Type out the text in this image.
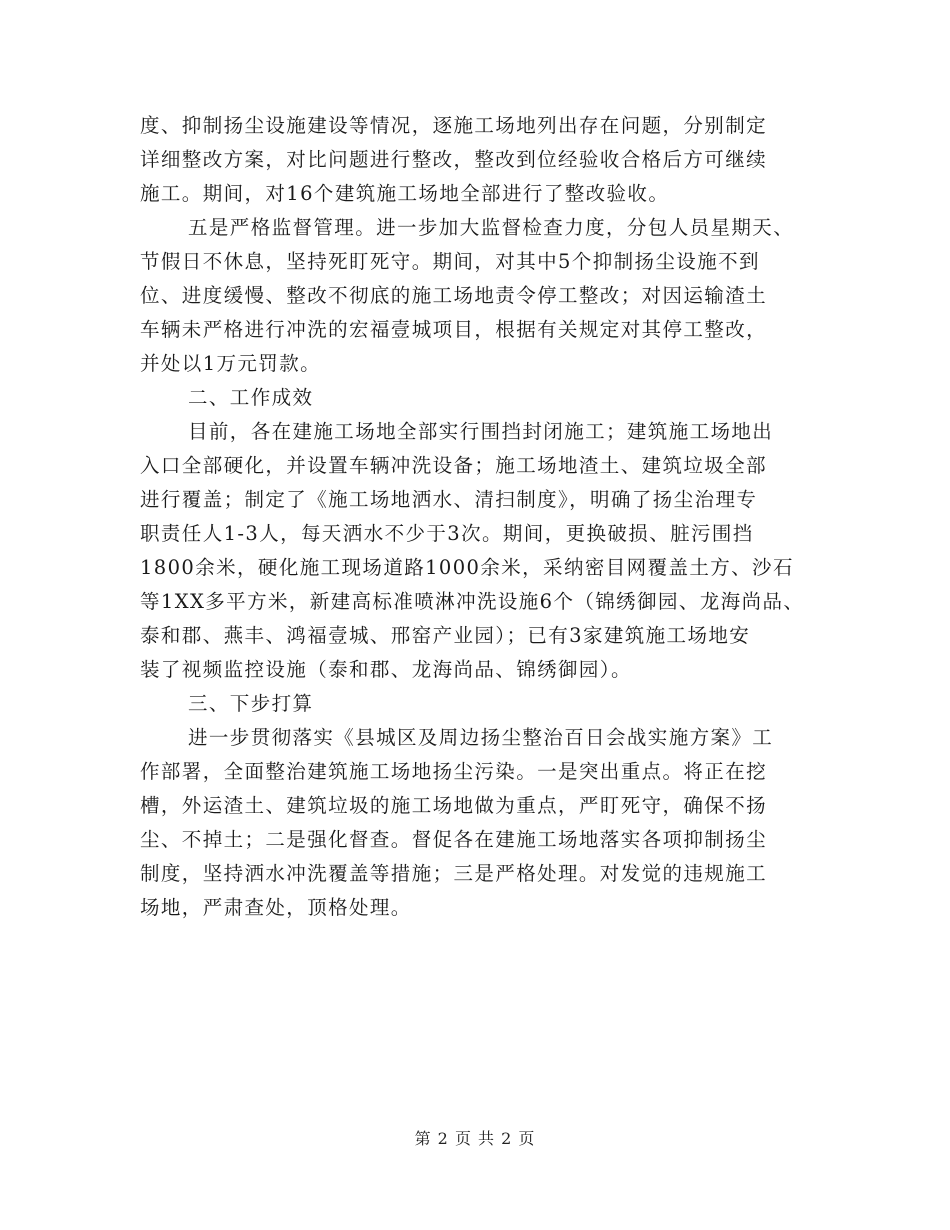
度、抑制扬尘设施建设等情况，逐施工场地列出存在问题，分别制定
详细整改方案，对比问题进行整改，整改到位经验收合格后方可继续
施工。期间，对16个建筑施工场地全部进行了整改验收。
五是严格监督管理。进一步加大监督检查力度，分包人员星期天、
节假日不休息，坚持死盯死守。期间，对其中5个抑制扬尘设施不到
位、进度缓慢、整改不彻底的施工场地责令停工整改；对因运输渣土
车辆未严格进行冲洗的宏福壹城项目，根据有关规定对其停工整改，
并处以1万元罚款。
二、工作成效
目前，各在建施工场地全部实行围挡封闭施工；建筑施工场地出
入口全部硬化，并设置车辆冲洗设备；施工场地渣土、建筑垃圾全部
进行覆盖；制定了《施工场地洒水、清扫制度》，明确了扬尘治理专
职责任人1-3人，每天洒水不少于3次。期间，更换破损、脏污围挡
1800余米，硬化施工现场道路1000余米，采纳密目网覆盖土方、沙石
等1XX多平方米，新建高标准喷淋冲洗设施6个（锦绣御园、龙海尚品、
泰和郡、燕丰、鸿福壹城、邢窑产业园）；已有3家建筑施工场地安
装了视频监控设施（泰和郡、龙海尚品、锦绣御园）。
三、下步打算
进一步贯彻落实《县城区及周边扬尘整治百日会战实施方案》工
作部署，全面整治建筑施工场地扬尘污染。一是突出重点。将正在挖
槽，外运渣土、建筑垃圾的施工场地做为重点，严盯死守，确保不扬
尘、不掉土；二是强化督查。督促各在建施工场地落实各项抑制扬尘
制度，坚持洒水冲洗覆盖等措施；三是严格处理。对发觉的违规施工
场地，严肃查处，顶格处理。
第 2 页 共 2 页
